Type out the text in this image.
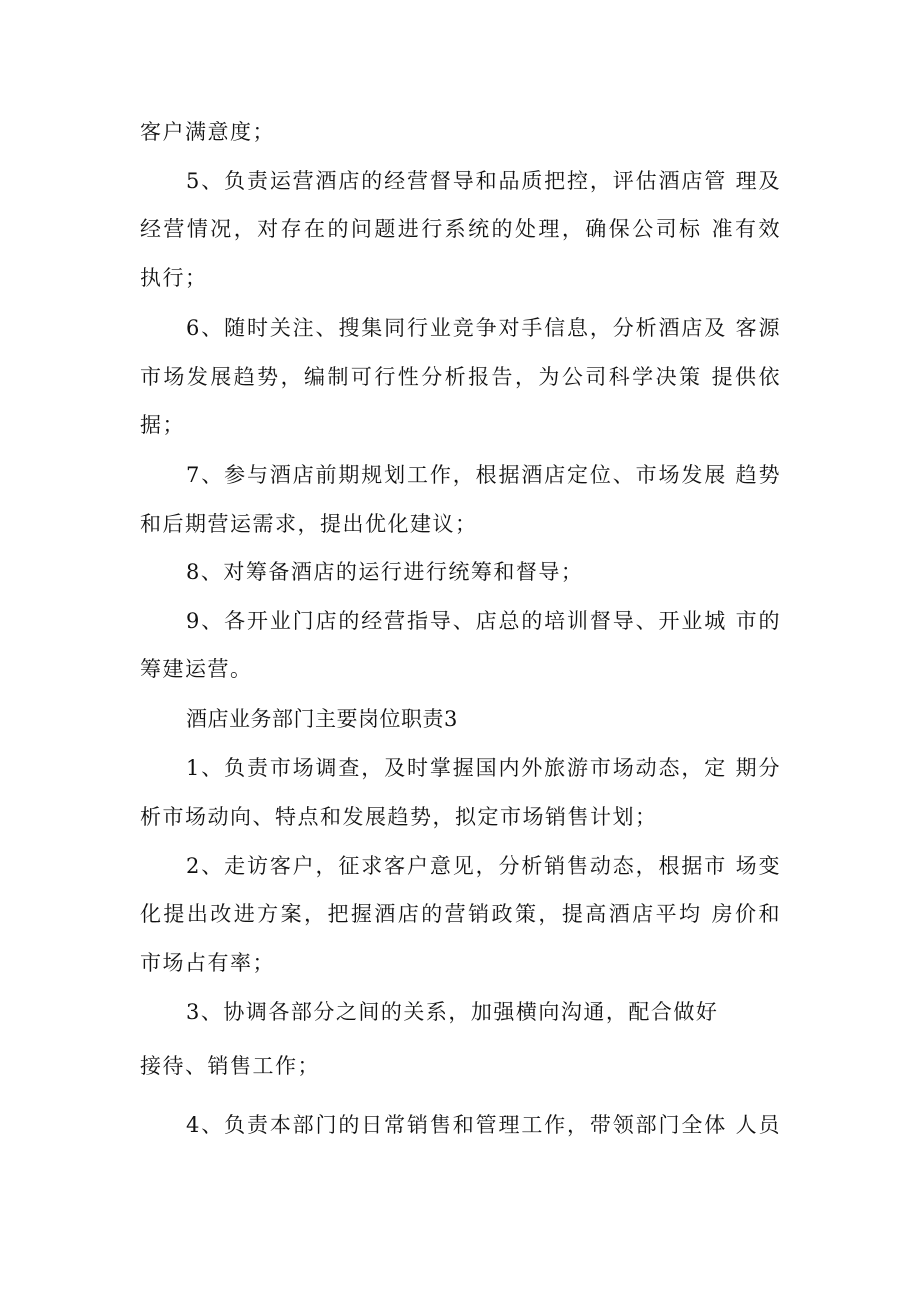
客户满意度；
5、负责运营酒店的经营督导和品质把控，评估酒店管 理及
经营情况，对存在的问题进行系统的处理，确保公司标 准有效
执行；
6、随时关注、搜集同行业竞争对手信息，分析酒店及 客源
市场发展趋势，编制可行性分析报告，为公司科学决策 提供依
据；
7、参与酒店前期规划工作，根据酒店定位、市场发展 趋势
和后期营运需求，提出优化建议；
8、对筹备酒店的运行进行统筹和督导；
9、各开业门店的经营指导、店总的培训督导、开业城 市的
筹建运营。
酒店业务部门主要岗位职责3
1、负责市场调查，及时掌握国内外旅游市场动态，定 期分
析市场动向、特点和发展趋势，拟定市场销售计划；
2、走访客户，征求客户意见，分析销售动态，根据市 场变
化提出改进方案，把握酒店的营销政策，提高酒店平均 房价和
市场占有率；
3、协调各部分之间的关系，加强横向沟通，配合做好
接待、销售工作；
4、负责本部门的日常销售和管理工作，带领部门全体 人员
